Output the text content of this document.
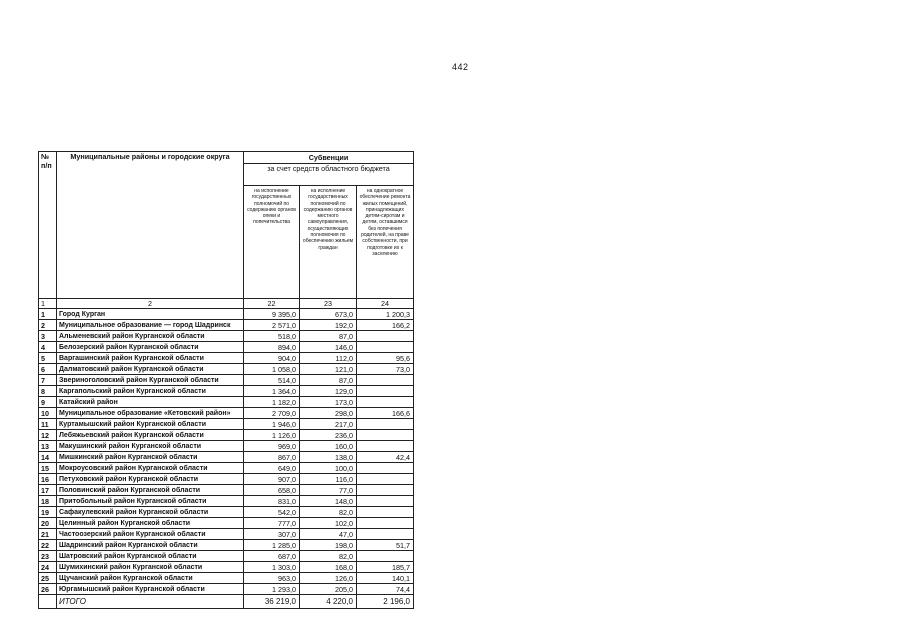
442
№ п/п	Муниципальные районы и городские округа	Субвенции		
		за счет средств областного бюджета		
		на исполнение государственных полномочий по содержанию органов опеки и попечительства	на исполнение государственных полномочий по содержанию органов местного самоуправления, осуществляющих полномочия по обеспечению жильем граждан	на однократное обеспечение ремонта жилых помещений, принадлежащих детям-сиротам и детям, оставшимся без попечения родителей, на праве собственности, при подготовке их к заселению
1	2	22	23	24
1	Город Курган	9 395,0	673,0	1 200,3
2	Муниципальное образование — город Шадринск	2 571,0	192,0	166,2
3	Альменевский район Курганской области	518,0	87,0	
4	Белозерский район Курганской области	894,0	146,0	
5	Варгашинский район Курганской области	904,0	112,0	95,6
6	Далматовский район Курганской области	1 058,0	121,0	73,0
7	Звериноголовский район Курганской области	514,0	87,0	
8	Каргапольский район Курганской области	1 364,0	129,0	
9	Катайский район	1 182,0	173,0	
10	Муниципальное образование «Кетовский район»	2 709,0	298,0	166,6
11	Куртамышский район Курганской области	1 946,0	217,0	
12	Лебяжьевский район Курганской области	1 126,0	236,0	
13	Макушинский район Курганской области	969,0	160,0	
14	Мишкинский район Курганской области	867,0	138,0	42,4
15	Мокроусовский район Курганской области	649,0	100,0	
16	Петуховский район Курганской области	907,0	116,0	
17	Половинский район Курганской области	658,0	77,0	
18	Притобольный район Курганской области	831,0	148,0	
19	Сафакулевский район Курганской области	542,0	82,0	
20	Целинный район Курганской области	777,0	102,0	
21	Частоозерский район Курганской области	307,0	47,0	
22	Шадринский район Курганской области	1 285,0	198,0	51,7
23	Шатровский район Курганской области	687,0	82,0	
24	Шумихинский район Курганской области	1 303,0	168,0	185,7
25	Щучанский район Курганской области	963,0	126,0	140,1
26	Юргамышский район Курганской области	1 293,0	205,0	74,4
	ИТОГО	36 219,0	4 220,0	2 196,0
